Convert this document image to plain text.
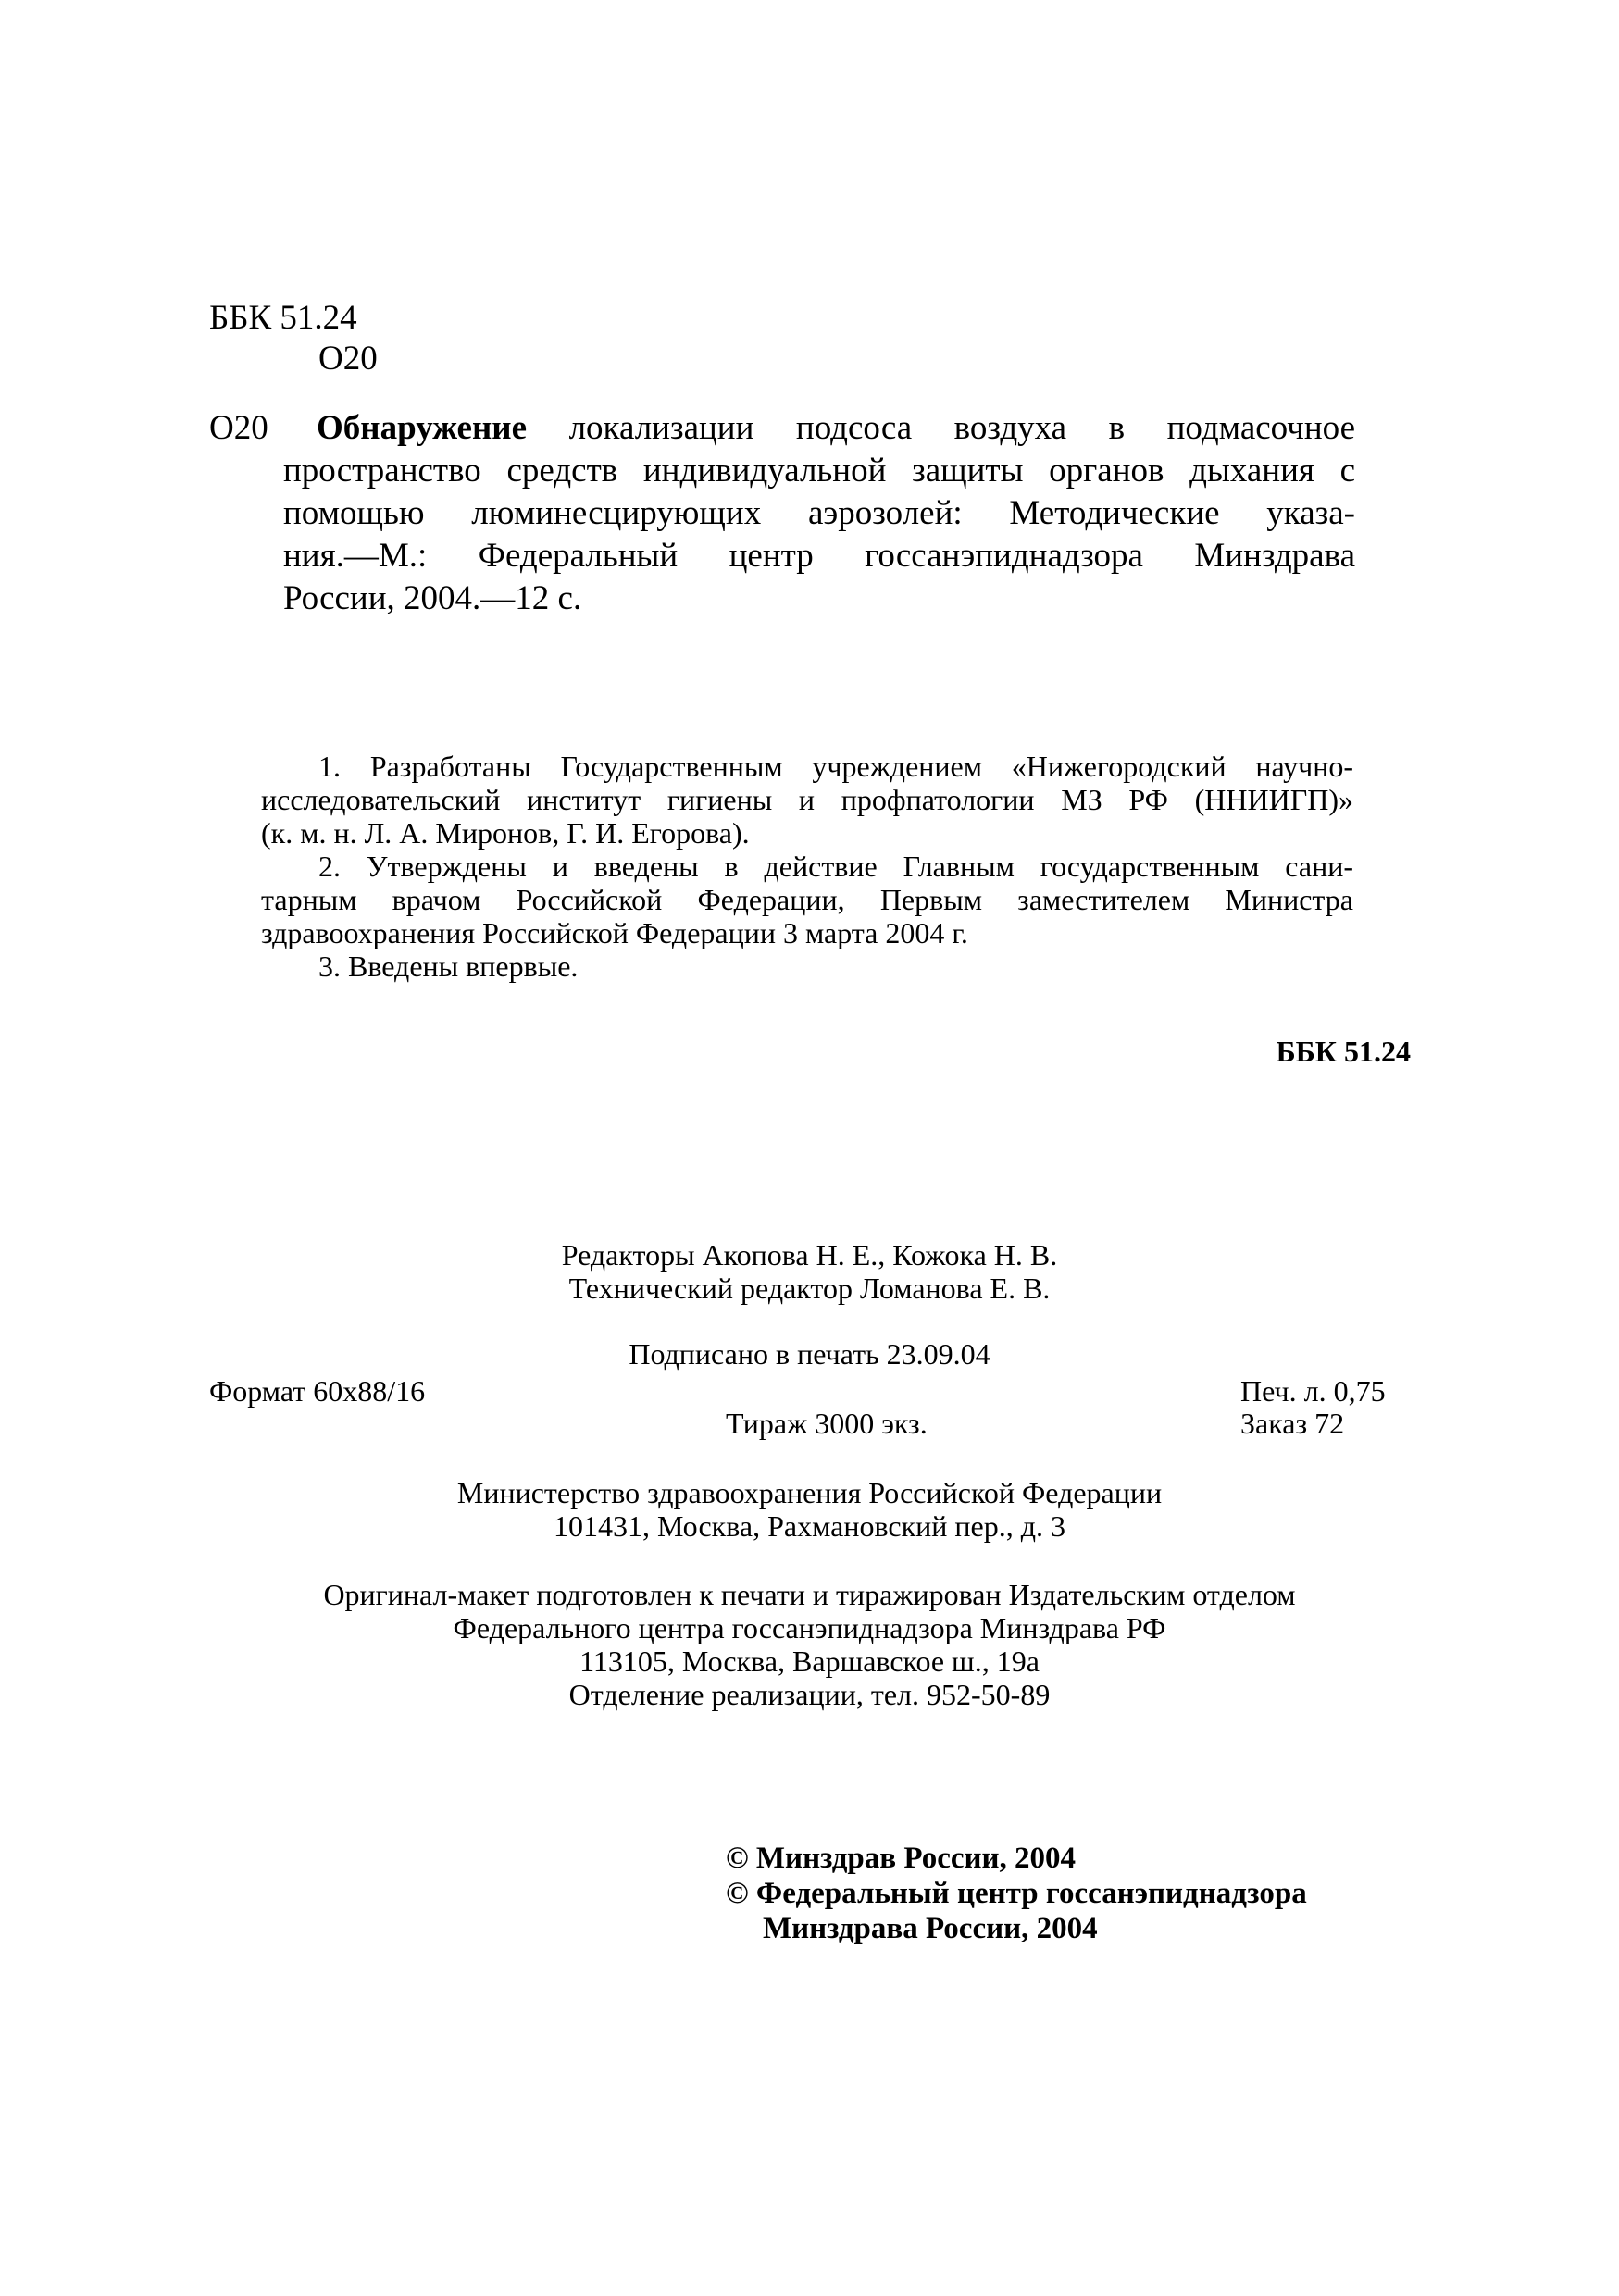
ББК 51.24
О20
О20 Обнаружение локализации подсоса воздуха в подмасочное
пространство средств индивидуальной защиты органов дыхания с
помощью люминесцирующих аэрозолей: Методические указа-
ния.—М.: Федеральный центр госсанэпиднадзора Минздрава
России, 2004.—12 с.
1. Разработаны Государственным учреждением «Нижегородский научно-
исследовательский институт гигиены и профпатологии МЗ РФ (ННИИГП)»
(к. м. н. Л. А. Миронов, Г. И. Егорова).
2. Утверждены и введены в действие Главным государственным сани-
тарным врачом Российской Федерации, Первым заместителем Министра
здравоохранения Российской Федерации 3 марта 2004 г.
3. Введены впервые.
ББК 51.24
Редакторы Акопова Н. Е., Кожока Н. В.
Технический редактор Ломанова Е. В.
Подписано в печать 23.09.04
Формат 60х88/16	Печ. л. 0,75
Тираж 3000 экз.	Заказ 72
Министерство здравоохранения Российской Федерации
101431, Москва, Рахмановский пер., д. 3
Оригинал-макет подготовлен к печати и тиражирован Издательским отделом
Федерального центра госсанэпиднадзора Минздрава РФ
113105, Москва, Варшавское ш., 19а
Отделение реализации, тел. 952-50-89
© Минздрав России, 2004
© Федеральный центр госсанэпиднадзора
Минздрава России, 2004
